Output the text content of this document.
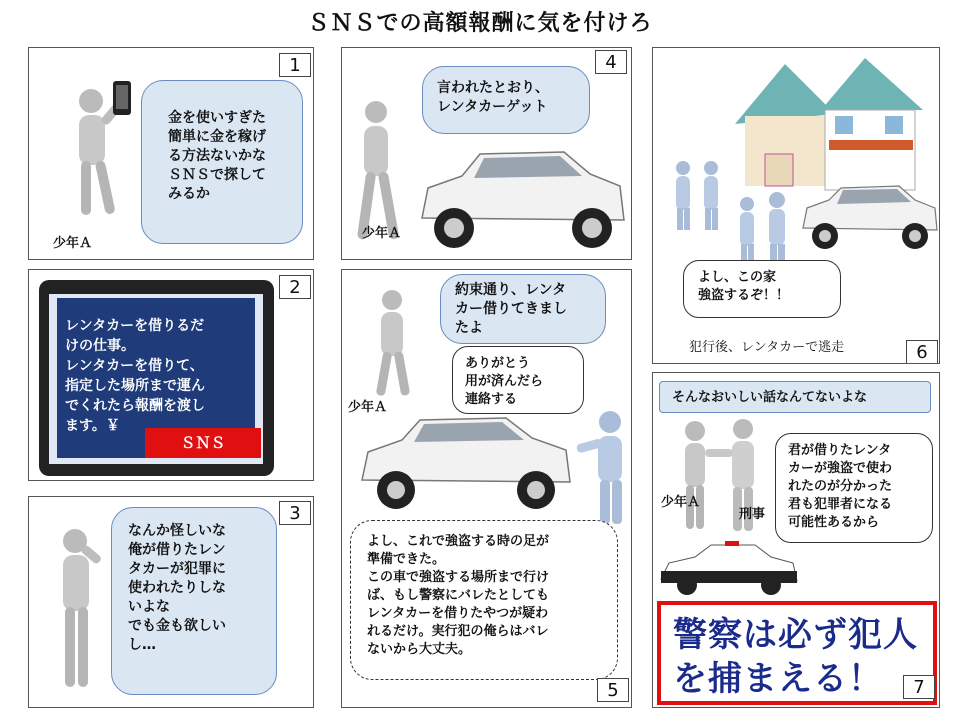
ＳＮＳでの高額報酬に気を付けろ
1
金を使いすぎた
簡単に金を稼げ
る方法ないかな
ＳＮＳで探して
みるか
少年Ａ
レンタカーを借りるだ
けの仕事。
レンタカーを借りて、
指定した場所まで運ん
でくれたら報酬を渡し
ます。￥
ＳＮＳ
2
3
なんか怪しいな
俺が借りたレン
タカーが犯罪に
使われたりしな
いよな
でも金も欲しい
し…
4
言われたとおり、
レンタカーゲット
少年Ａ
約束通り、レンタ
カー借りてきまし
たよ
ありがとう
用が済んだら
連絡する
少年Ａ
よし、これで強盗する時の足が
準備できた。
この車で強盗する場所まで行け
ば、もし警察にバレたとしても
レンタカーを借りたやつが疑わ
れるだけ。実行犯の俺らはバレ
ないから大丈夫。
5
よし、この家
強盗するぞ！！
犯行後、レンタカーで逃走	6
そんなおいしい話なんてないよな
少年Ａ
刑事
君が借りたレンタ
カーが強盗で使わ
れたのが分かった
君も犯罪者になる
可能性あるから
警察は必ず犯人
を捕まえる！	7
